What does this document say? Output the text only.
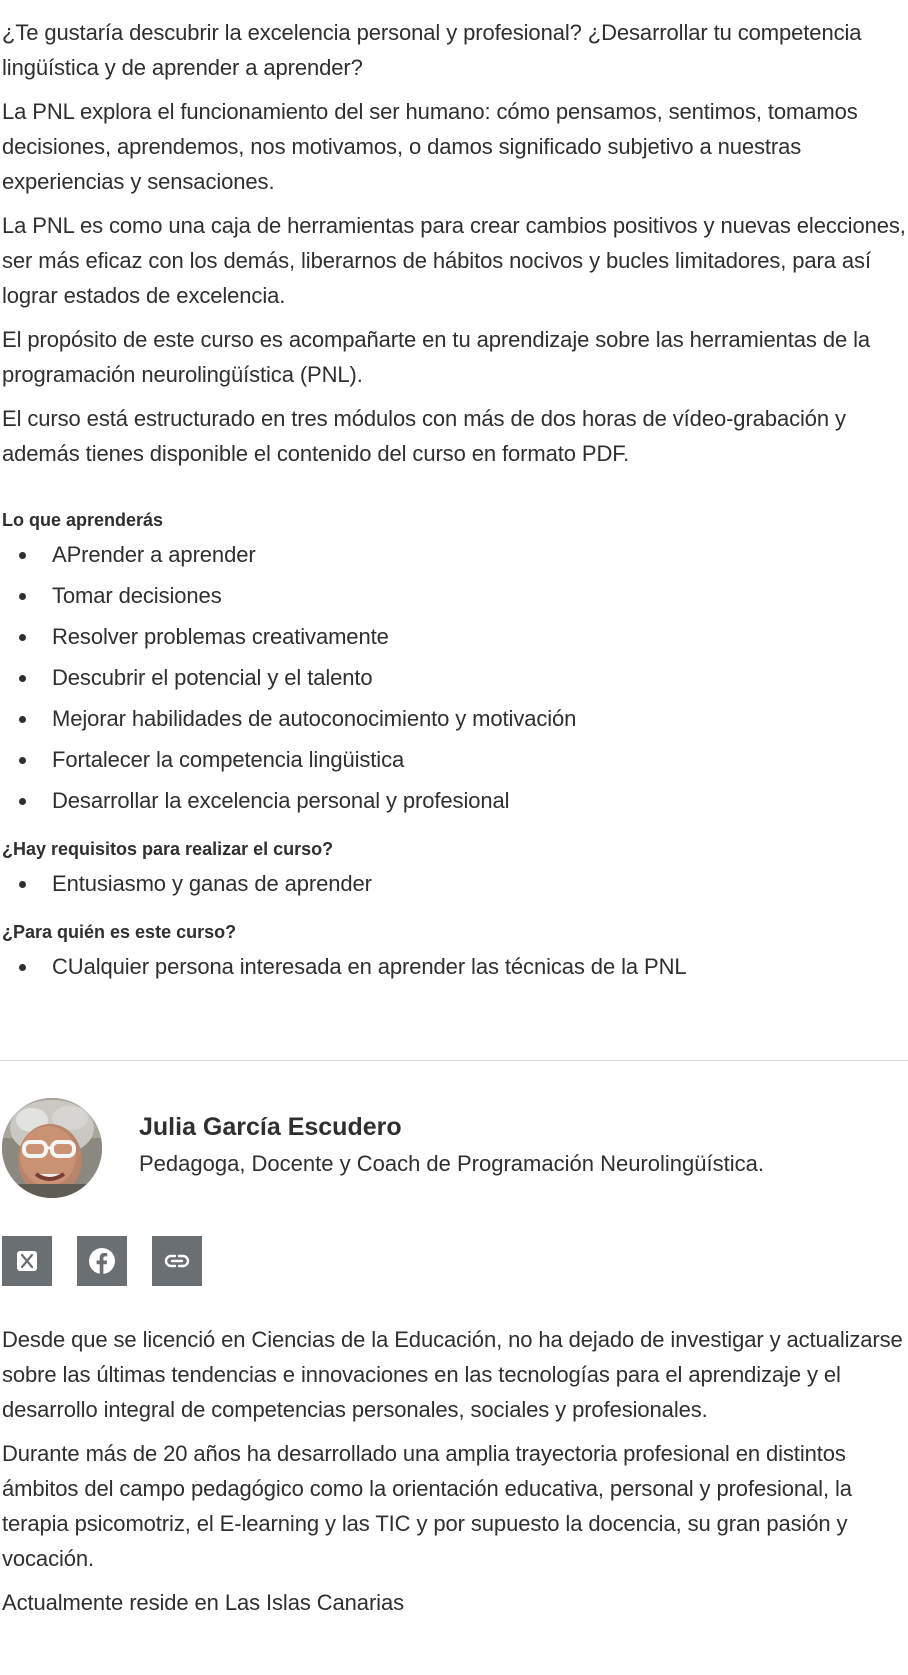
¿Te gustaría descubrir la excelencia personal y profesional? ¿Desarrollar tu competencia lingüística y de aprender a aprender?

La PNL explora el funcionamiento del ser humano: cómo pensamos, sentimos, tomamos decisiones, aprendemos, nos motivamos, o damos significado subjetivo a nuestras experiencias y sensaciones.

La PNL es como una caja de herramientas para crear cambios positivos y nuevas elecciones, ser más eficaz con los demás, liberarnos de hábitos nocivos y bucles limitadores, para así lograr estados de excelencia.

El propósito de este curso es acompañarte en tu aprendizaje sobre las herramientas de la programación neurolingüística (PNL).

El curso está estructurado en tres módulos con más de dos horas de vídeo-grabación y además tienes disponible el contenido del curso en formato PDF.

Lo que aprenderás
APrender a aprender
Tomar decisiones
Resolver problemas creativamente
Descubrir el potencial y el talento
Mejorar habilidades de autoconocimiento y motivación
Fortalecer la competencia lingüistica
Desarrollar la excelencia personal y profesional
¿Hay requisitos para realizar el curso?
Entusiasmo y ganas de aprender
¿Para quién es este curso?
CUalquier persona interesada en aprender las técnicas de la PNL
Julia García Escudero
Pedagoga, Docente y Coach de Programación Neurolingüística.

Desde que se licenció en Ciencias de la Educación, no ha dejado de investigar y actualizarse sobre las últimas tendencias e innovaciones en las tecnologías para el aprendizaje y el desarrollo integral de competencias personales, sociales y profesionales.

Durante más de 20 años ha desarrollado una amplia trayectoria profesional en distintos ámbitos del campo pedagógico como la orientación educativa, personal y profesional, la terapia psicomotriz, el E-learning y las TIC y por supuesto la docencia, su gran pasión y vocación.

Actualmente reside en Las Islas Canarias
